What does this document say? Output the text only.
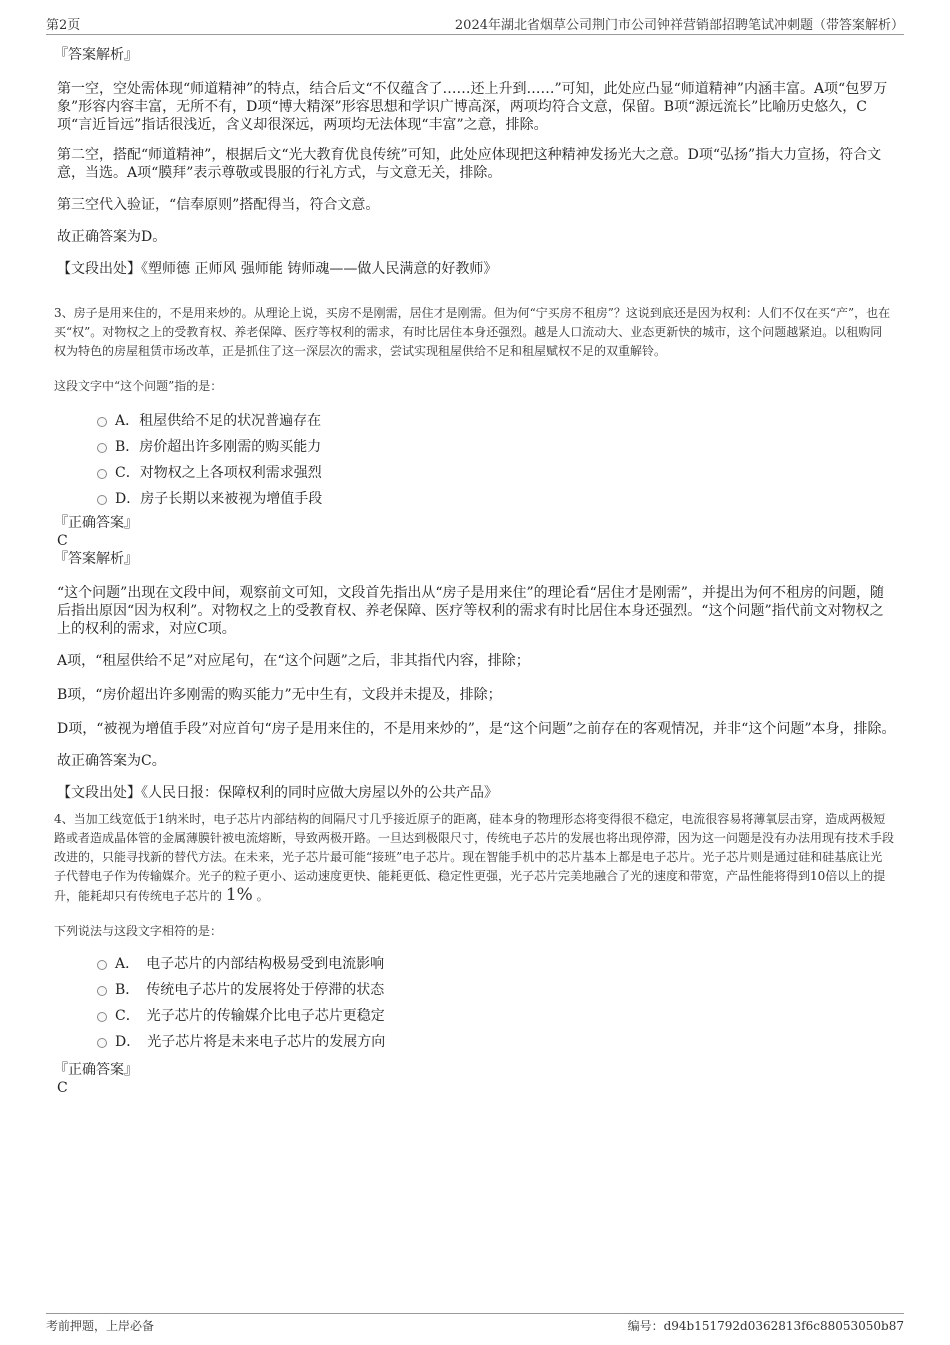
第2页	2024年湖北省烟草公司荆门市公司钟祥营销部招聘笔试冲刺题（带答案解析）

『答案解析』

第一空，空处需体现“师道精神”的特点，结合后文“不仅蕴含了……还上升到……”可知，此处应凸显“师道精神”内涵丰富。A项“包罗万象”形容内容丰富，无所不有，D项“博大精深”形容思想和学识广博高深，两项均符合文意，保留。B项“源远流长”比喻历史悠久，C项“言近旨远”指话很浅近，含义却很深远，两项均无法体现“丰富”之意，排除。

第二空，搭配“师道精神”，根据后文“光大教育优良传统”可知，此处应体现把这种精神发扬光大之意。D项“弘扬”指大力宣扬，符合文意，当选。A项“膜拜”表示尊敬或畏服的行礼方式，与文意无关，排除。

第三空代入验证，“信奉原则”搭配得当，符合文意。

故正确答案为D。

【文段出处】《塑师德 正师风 强师能 铸师魂——做人民满意的好教师》

3、房子是用来住的，不是用来炒的。从理论上说，买房不是刚需，居住才是刚需。但为何“宁买房不租房”？这说到底还是因为权利：人们不仅在买“产”，也在买“权”。对物权之上的受教育权、养老保障、医疗等权利的需求，有时比居住本身还强烈。越是人口流动大、业态更新快的城市，这个问题越紧迫。以租购同权为特色的房屋租赁市场改革，正是抓住了这一深层次的需求，尝试实现租屋供给不足和租屋赋权不足的双重解铃。

这段文字中“这个问题”指的是：

A．租屋供给不足的状况普遍存在
B．房价超出许多刚需的购买能力
C．对物权之上各项权利需求强烈
D．房子长期以来被视为增值手段

『正确答案』

C

『答案解析』

“这个问题”出现在文段中间，观察前文可知，文段首先指出从“房子是用来住”的理论看“居住才是刚需”，并提出为何不租房的问题，随后指出原因“因为权利”。对物权之上的受教育权、养老保障、医疗等权利的需求有时比居住本身还强烈。“这个问题”指代前文对物权之上的权利的需求，对应C项。

A项，“租屋供给不足”对应尾句，在“这个问题”之后，非其指代内容，排除；

B项，“房价超出许多刚需的购买能力”无中生有，文段并未提及，排除；

D项，“被视为增值手段”对应首句“房子是用来住的，不是用来炒的”，是“这个问题”之前存在的客观情况，并非“这个问题”本身，排除。

故正确答案为C。

【文段出处】《人民日报：保障权利的同时应做大房屋以外的公共产品》

4、当加工线宽低于1纳米时，电子芯片内部结构的间隔尺寸几乎接近原子的距离，硅本身的物理形态将变得很不稳定，电流很容易将薄氧层击穿，造成两极短路或者造成晶体管的金属薄膜针被电流熔断，导致两极开路。一旦达到极限尺寸，传统电子芯片的发展也将出现停滞，因为这一问题是没有办法用现有技术手段改进的，只能寻找新的替代方法。在未来，光子芯片最可能“接班”电子芯片。现在智能手机中的芯片基本上都是电子芯片。光子芯片则是通过硅和硅基底让光子代替电子作为传输媒介。光子的粒子更小、运动速度更快、能耗更低、稳定性更强，光子芯片完美地融合了光的速度和带宽，产品性能将得到10倍以上的提升，能耗却只有传统电子芯片的 1% 。

下列说法与这段文字相符的是：

A．　电子芯片的内部结构极易受到电流影响
B．　传统电子芯片的发展将处于停滞的状态
C．　光子芯片的传输媒介比电子芯片更稳定
D．　光子芯片将是未来电子芯片的发展方向

『正确答案』

C

考前押题，上岸必备	编号：d94b151792d0362813f6c88053050b87
